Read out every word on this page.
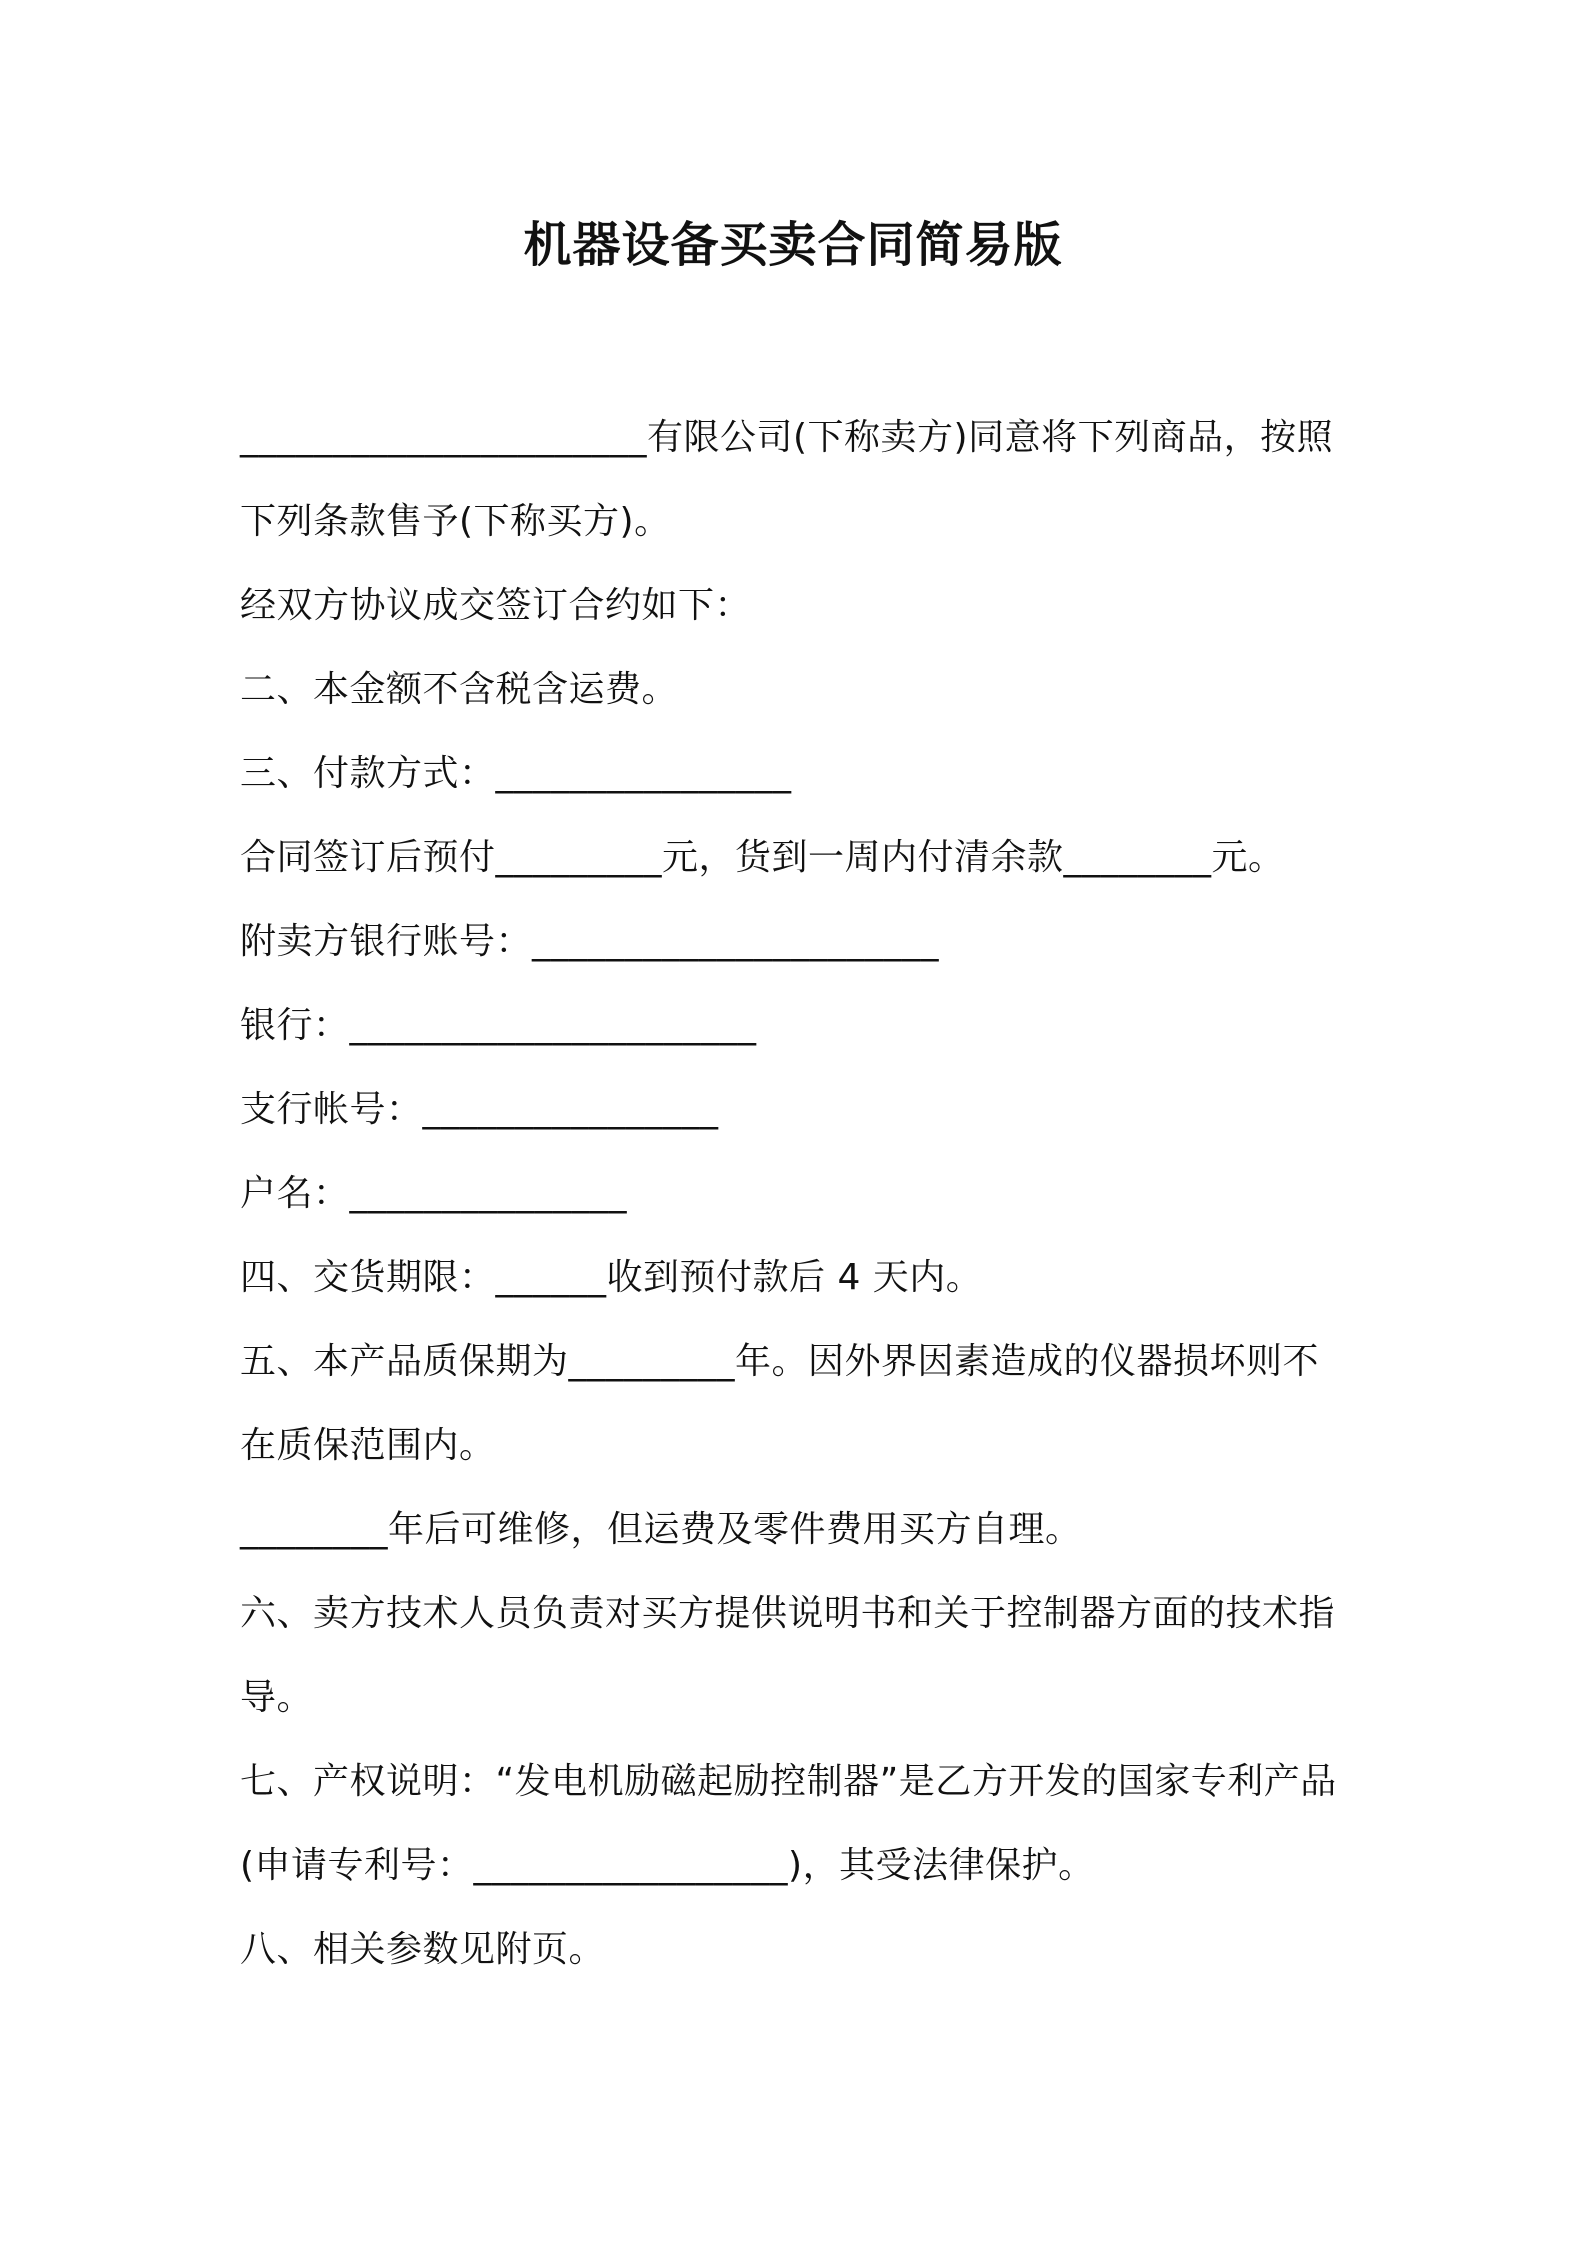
机器设备买卖合同简易版

______________________有限公司(下称卖方)同意将下列商品，按照下列条款售予(下称买方)。

经双方协议成交签订合约如下：

二、本金额不含税含运费。

三、付款方式：________________

合同签订后预付_________元，货到一周内付清余款________元。

附卖方银行账号：______________________

银行：______________________

支行帐号：________________

户名：_______________

四、交货期限：______收到预付款后 4 天内。

五、本产品质保期为_________年。因外界因素造成的仪器损坏则不在质保范围内。

________年后可维修，但运费及零件费用买方自理。

六、卖方技术人员负责对买方提供说明书和关于控制器方面的技术指导。

七、产权说明：“发电机励磁起励控制器”是乙方开发的国家专利产品(申请专利号：_________________)，其受法律保护。

八、相关参数见附页。
